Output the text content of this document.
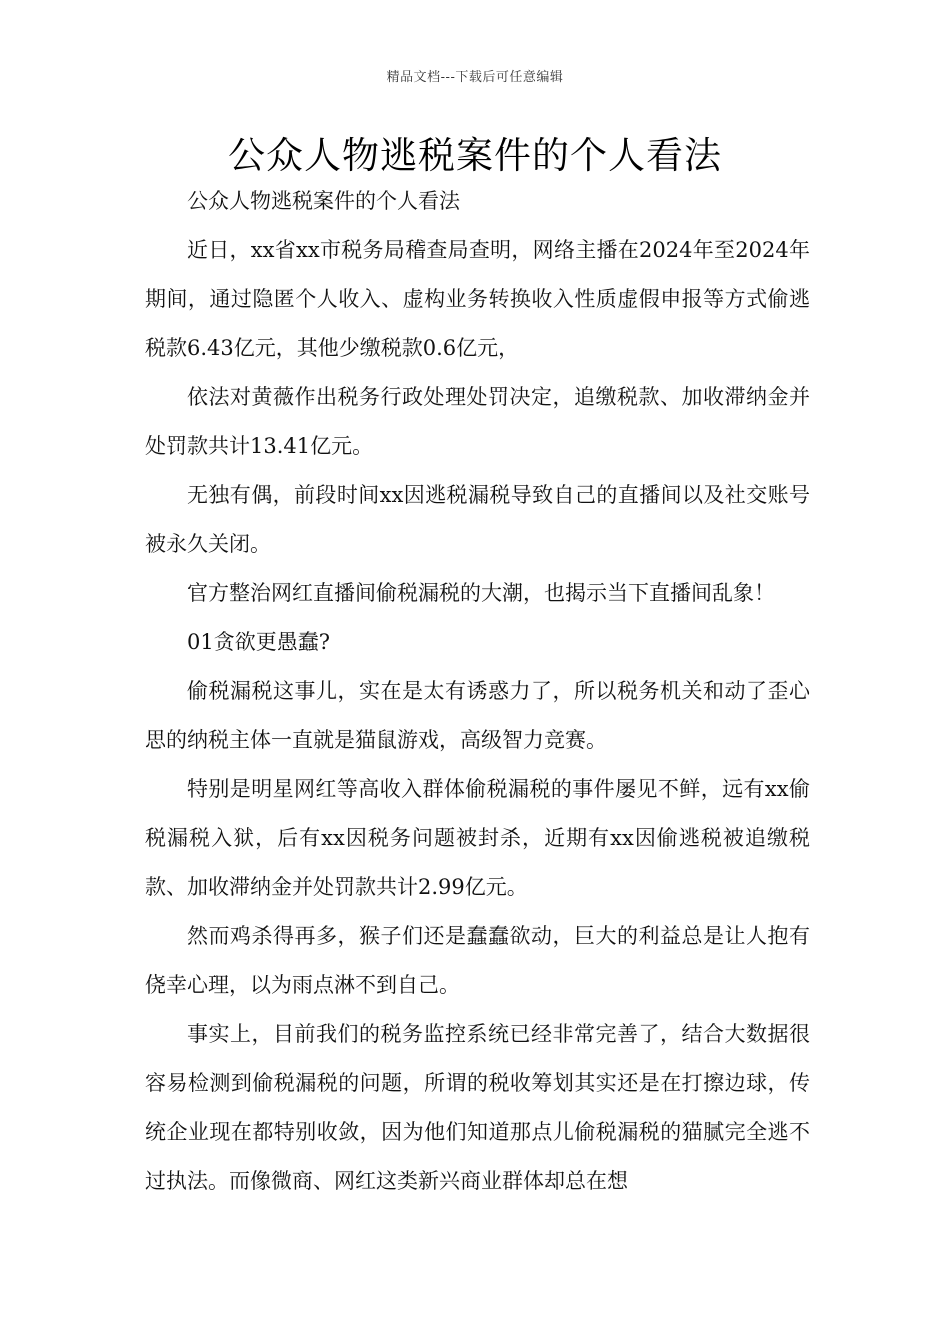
精品文档---下载后可任意编辑
公众人物逃税案件的个人看法

公众人物逃税案件的个人看法

近日，xx省xx市税务局稽查局查明，网络主播在2024年至2024年期间，通过隐匿个人收入、虚构业务转换收入性质虚假申报等方式偷逃税款6.43亿元，其他少缴税款0.6亿元，

依法对黄薇作出税务行政处理处罚决定，追缴税款、加收滞纳金并处罚款共计13.41亿元。

无独有偶，前段时间xx因逃税漏税导致自己的直播间以及社交账号被永久关闭。

官方整治网红直播间偷税漏税的大潮，也揭示当下直播间乱象！

01贪欲更愚蠢?

偷税漏税这事儿，实在是太有诱惑力了，所以税务机关和动了歪心思的纳税主体一直就是猫鼠游戏，高级智力竞赛。

特别是明星网红等高收入群体偷税漏税的事件屡见不鲜，远有xx偷税漏税入狱，后有xx因税务问题被封杀，近期有xx因偷逃税被追缴税款、加收滞纳金并处罚款共计2.99亿元。

然而鸡杀得再多，猴子们还是蠢蠢欲动，巨大的利益总是让人抱有侥幸心理，以为雨点淋不到自己。

事实上，目前我们的税务监控系统已经非常完善了，结合大数据很容易检测到偷税漏税的问题，所谓的税收筹划其实还是在打擦边球，传统企业现在都特别收敛，因为他们知道那点儿偷税漏税的猫腻完全逃不过执法。而像微商、网红这类新兴商业群体却总在想
